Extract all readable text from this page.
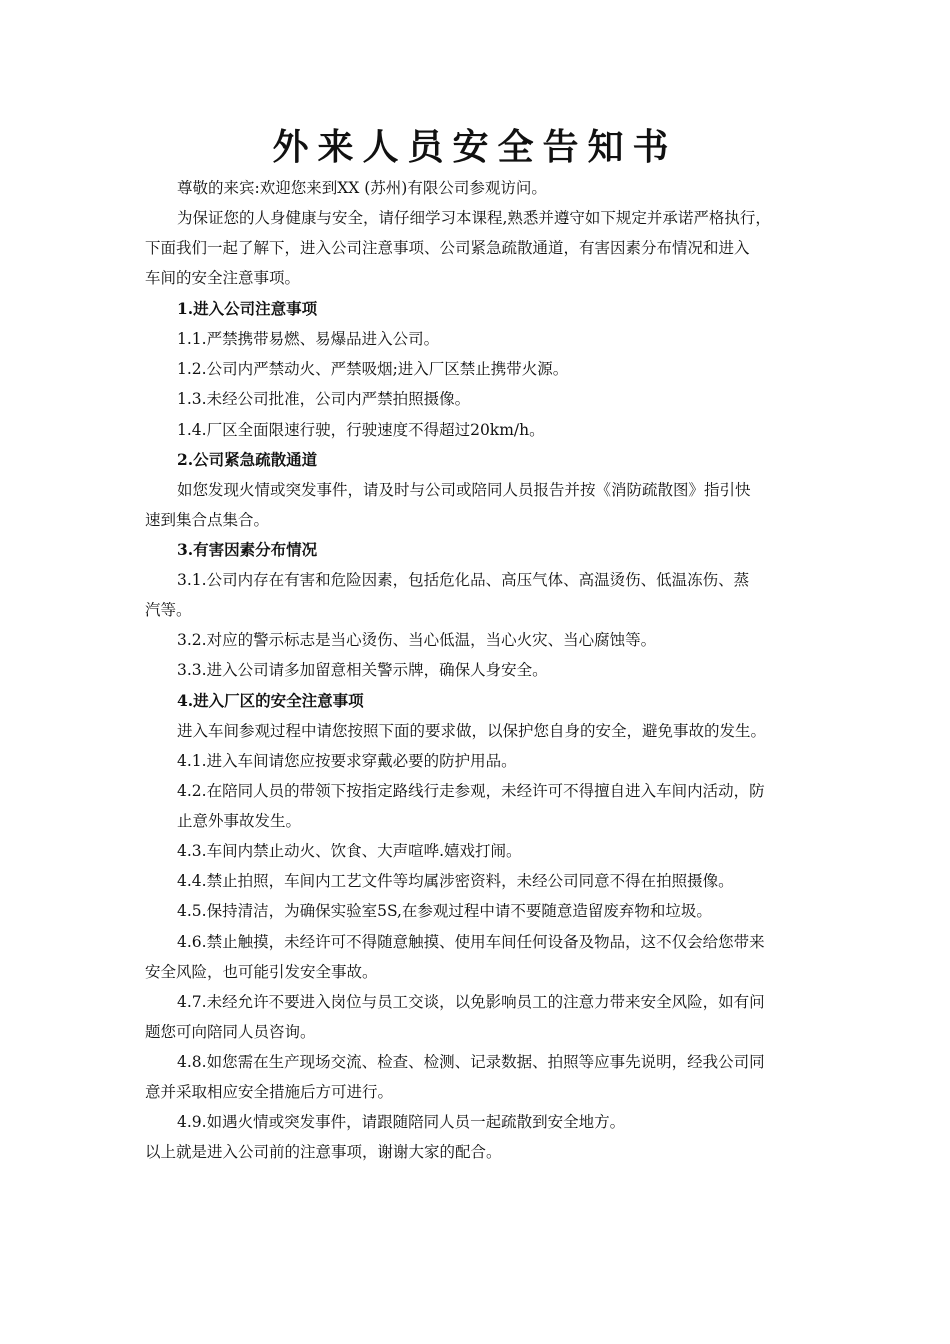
外来人员安全告知书
尊敬的来宾:欢迎您来到XX (苏州)有限公司参观访问。
为保证您的人身健康与安全，请仔细学习本课程,熟悉并遵守如下规定并承诺严格执行，
下面我们一起了解下，进入公司注意事项、公司紧急疏散通道，有害因素分布情况和进入
车间的安全注意事项。
1.进入公司注意事项
1.1.严禁携带易燃、易爆品进入公司。
1.2.公司内严禁动火、严禁吸烟;进入厂区禁止携带火源。
1.3.未经公司批准，公司内严禁拍照摄像。
1.4.厂区全面限速行驶，行驶速度不得超过20km/h。
2.公司紧急疏散通道
如您发现火情或突发事件，请及时与公司或陪同人员报告并按《消防疏散图》指引快
速到集合点集合。
3.有害因素分布情况
3.1.公司内存在有害和危险因素，包括危化品、高压气体、高温烫伤、低温冻伤、蒸
汽等。
3.2.对应的警示标志是当心烫伤、当心低温，当心火灾、当心腐蚀等。
3.3.进入公司请多加留意相关警示牌，确保人身安全。
4.进入厂区的安全注意事项
进入车间参观过程中请您按照下面的要求做，以保护您自身的安全，避免事故的发生。
4.1.进入车间请您应按要求穿戴必要的防护用品。
4.2.在陪同人员的带领下按指定路线行走参观，未经许可不得擅自进入车间内活动，防
止意外事故发生。
4.3.车间内禁止动火、饮食、大声喧哗.嬉戏打闹。
4.4.禁止拍照，车间内工艺文件等均属涉密资料，未经公司同意不得在拍照摄像。
4.5.保持清洁，为确保实验室5S,在参观过程中请不要随意造留废弃物和垃圾。
4.6.禁止触摸，未经许可不得随意触摸、使用车间任何设备及物品，这不仅会给您带来
安全风险，也可能引发安全事故。
4.7.未经允许不要进入岗位与员工交谈，以免影响员工的注意力带来安全风险，如有问
题您可向陪同人员咨询。
4.8.如您需在生产现场交流、检查、检测、记录数据、拍照等应事先说明，经我公司同
意并采取相应安全措施后方可进行。
4.9.如遇火情或突发事件，请跟随陪同人员一起疏散到安全地方。
以上就是进入公司前的注意事项，谢谢大家的配合。
